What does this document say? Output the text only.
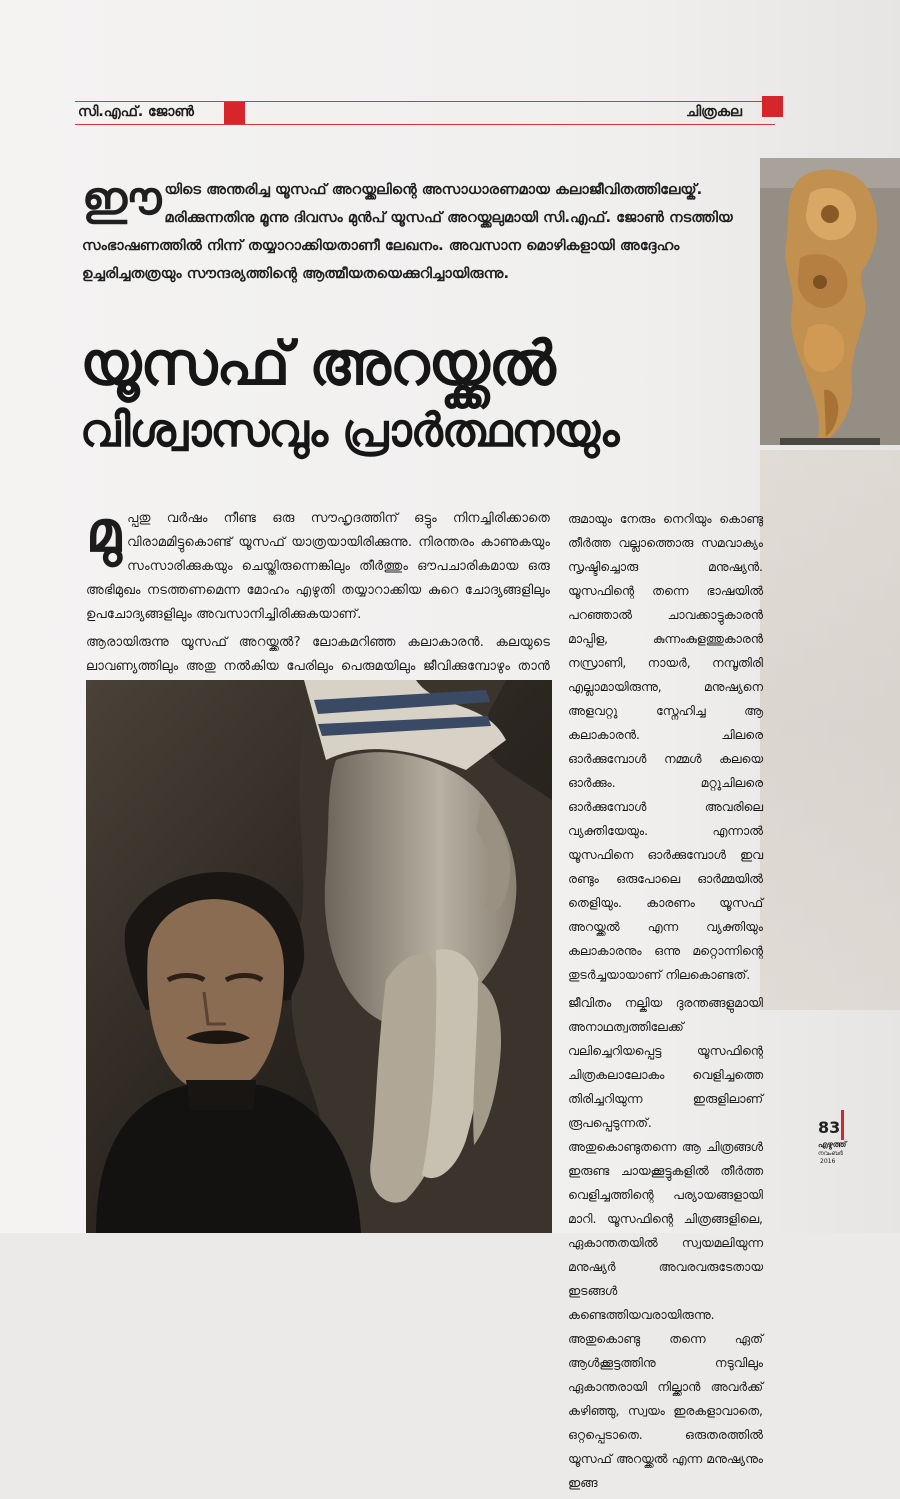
സി.എഫ്. ജോൺ	ചിത്രകല
ഈയിടെ അന്തരിച്ച യൂസഫ് അറയ്ക്കലിന്റെ അസാധാരണമായ കലാജീവിതത്തിലേയ്ക്. മരിക്കുന്നതിനു മൂന്നു ദിവസം മുൻപ് യൂസഫ് അറയ്ക്കലുമായി സി.എഫ്. ജോൺ നടത്തിയ സംഭാഷണത്തിൽ നിന്ന് തയ്യാറാക്കിയതാണീ ലേഖനം. അവസാന മൊഴികളായി അദ്ദേഹം ഉച്ചരിച്ചതത്രയും സൗന്ദര്യത്തിന്റെ ആത്മീയതയെക്കുറിച്ചായിരുന്നു.
യൂസഫ് അറയ്ക്കൽ
വിശ്വാസവും പ്രാർത്ഥനയും

മുപ്പതു വർഷം നീണ്ട ഒരു സൗഹൃദത്തിന് ഒട്ടും നിനച്ചിരിക്കാതെ വിരാമമിട്ടുകൊണ്ട് യൂസഫ് യാത്രയായിരിക്കുന്നു. നിരന്തരം കാണുകയും സംസാരിക്കുകയും ചെയ്തിരുന്നെങ്കിലും തീർത്തും ഔപചാരികമായ ഒരു അഭിമുഖം നടത്തണമെന്ന മോഹം എഴുതി തയ്യാറാക്കിയ കുറെ ചോദ്യങ്ങളിലും ഉപചോദ്യങ്ങളിലും അവസാനിച്ചിരിക്കുകയാണ്.

ആരായിരുന്നു യൂസഫ് അറയ്ക്കൽ? ലോകമറിഞ്ഞ കലാകാരൻ. കലയുടെ ലാവണ്യത്തിലും അതു നൽകിയ പേരിലും പെരുമയിലും ജീവിക്കുമ്പോഴും താൻ

രുമായും നേരും നെറിയും കൊണ്ടു തീർത്ത വല്ലാത്തൊരു സമവാക്യം സൃഷ്ടിച്ചൊരു മനുഷ്യൻ. യൂസഫിന്റെ തന്നെ ഭാഷയിൽ പറഞ്ഞാൽ ചാവക്കാട്ടുകാരൻ മാപ്പിള, കുന്നംകുളത്തുകാരൻ നസ്രാണി, നായർ, നമ്പൂതിരി എല്ലാമായിരുന്നു, മനുഷ്യനെ അളവറ്റു സ്നേഹിച്ച ആ കലാകാരൻ. ചിലരെ ഓർക്കുമ്പോൾ നമ്മൾ കലയെ ഓർക്കും. മറ്റുചിലരെ ഓർക്കുമ്പോൾ അവരിലെ വ്യക്തിയേയും. എന്നാൽ യൂസഫിനെ ഓർക്കുമ്പോൾ ഇവ രണ്ടും ഒരുപോലെ ഓർമ്മയിൽ തെളിയും. കാരണം യൂസഫ് അറയ്ക്കൽ എന്ന വ്യക്തിയും കലാകാരനും ഒന്നു മറ്റൊന്നിന്റെ തുടർച്ചയായാണ് നിലകൊണ്ടത്.

ജീവിതം നല്കിയ ദുരന്തങ്ങളുമായി അനാഥത്വത്തിലേക്ക് വലിച്ചെറിയപ്പെട്ട യൂസഫിന്റെ ചിത്രകലാലോകം വെളിച്ചത്തെ തിരിച്ചറിയുന്ന ഇരുളിലാണ് രൂപപ്പെടുന്നത്. അതുകൊണ്ടുതന്നെ ആ ചിത്രങ്ങൾ ഇരുണ്ട ചായക്കൂട്ടുകളിൽ തീർത്ത വെളിച്ചത്തിന്റെ പര്യായങ്ങളായി മാറി. യൂസഫിന്റെ ചിത്രങ്ങളിലെ, ഏകാന്തതയിൽ സ്വയമലിയുന്ന മനുഷ്യർ അവരവരുടേതായ ഇടങ്ങൾ കണ്ടെത്തിയവരായിരുന്നു. അതുകൊണ്ടു തന്നെ ഏത് ആൾക്കൂട്ടത്തിനു നടുവിലും ഏകാന്തരായി നില്ക്കാൻ അവർക്ക് കഴിഞ്ഞു, സ്വയം ഇരകളാവാതെ, ഒറ്റപ്പെടാതെ. ഒരുതരത്തിൽ യൂസഫ് അറയ്ക്കൽ എന്ന മനുഷ്യനും ഇങ്ങ

83
എഴുത്ത്
നവംബർ
2016
